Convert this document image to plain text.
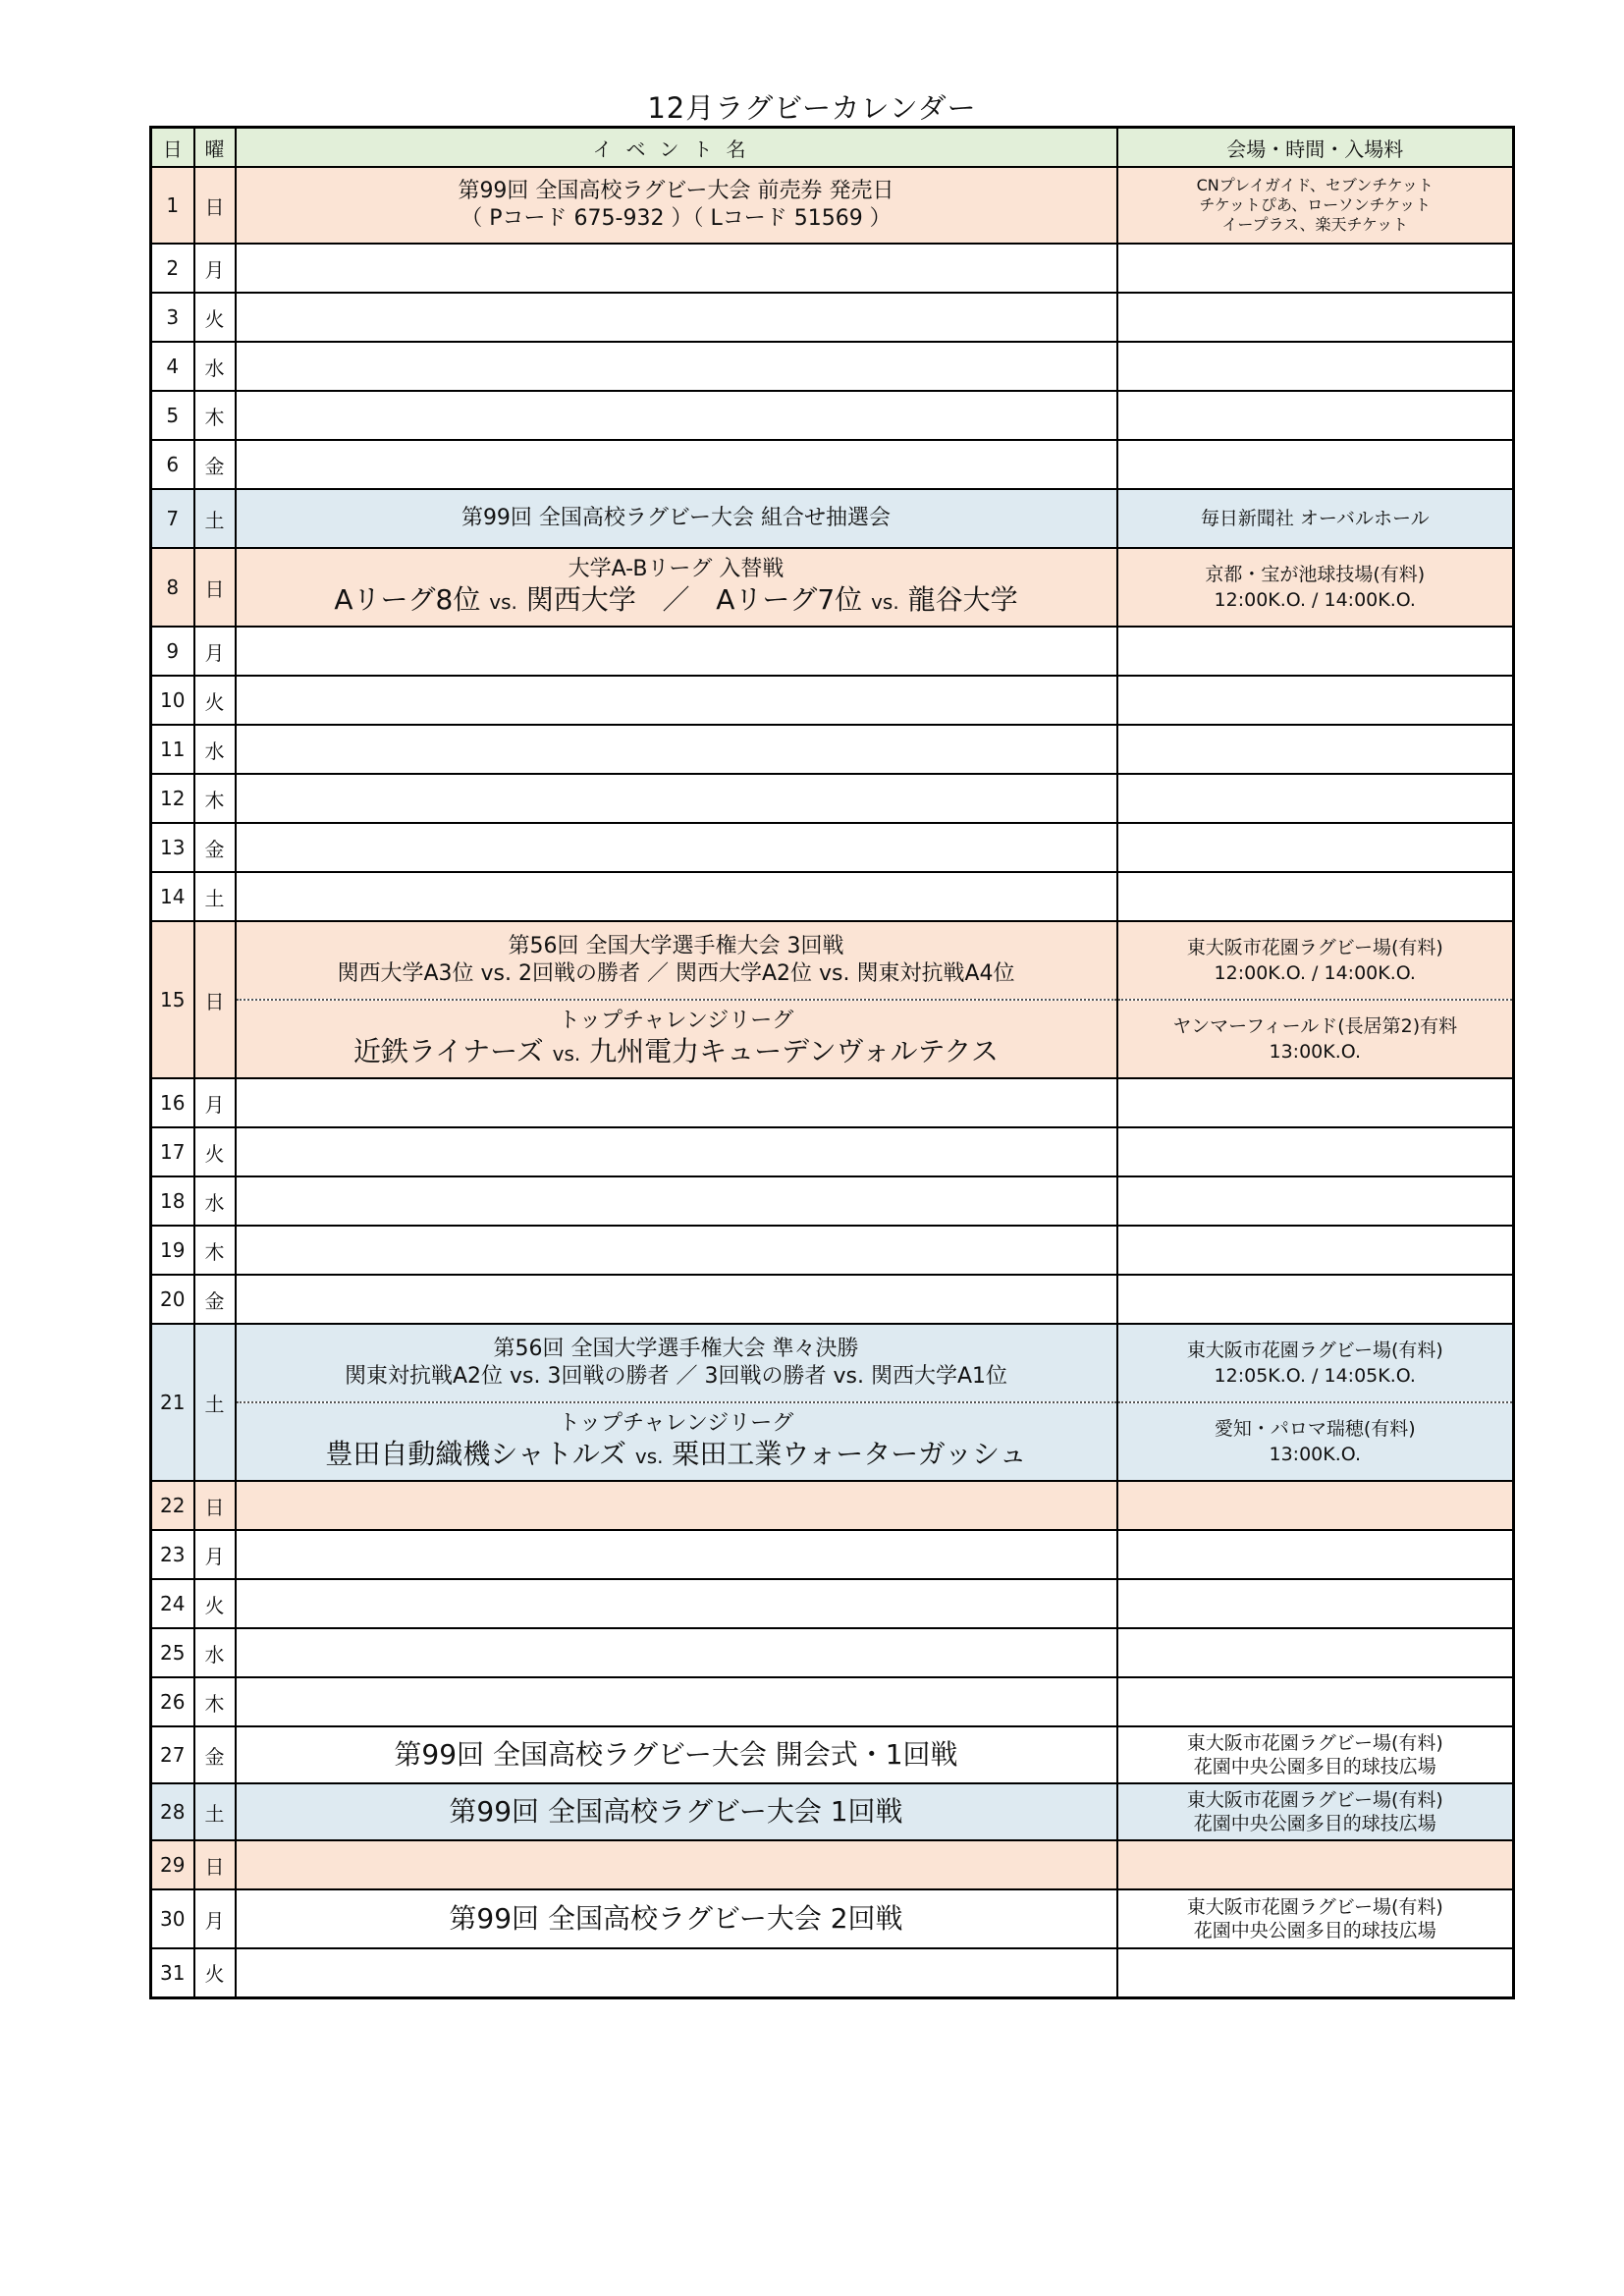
12月ラグビーカレンダー
日	曜	イベント名	会場・時間・入場料
1	日	第99回 全国高校ラグビー大会 前売券 発売日
（ Pコード 675-932 ）（ Lコード 51569 ）	CNプレイガイド、セブンチケット
チケットぴあ、ローソンチケット
イープラス、楽天チケット

2	月		
3	火		
4	水		
5	木		
6	金		
7	土	第99回 全国高校ラグビー大会 組合せ抽選会	毎日新聞社 オーバルホール
8	日	大学A-Bリーグ 入替戦
Aリーグ8位 vs. 関西大学 ／ Aリーグ7位 vs. 龍谷大学	京都・宝が池球技場(有料)
12:00K.O. / 14:00K.O.

9	月		
10	火		
11	水		
12	木		
13	金		
14	土		
15	日	第56回 全国大学選手権大会 3回戦
関西大学A3位 vs. 2回戦の勝者 ／ 関西大学A2位 vs. 関東対抗戦A4位	東大阪市花園ラグビー場(有料)
12:00K.O. / 14:00K.O.

		トップチャレンジリーグ
近鉄ライナーズ vs. 九州電力キューデンヴォルテクス	ヤンマーフィールド(長居第2)有料
13:00K.O.

16	月		
17	火		
18	水		
19	木		
20	金		
21	土	第56回 全国大学選手権大会 準々決勝
関東対抗戦A2位 vs. 3回戦の勝者 ／ 3回戦の勝者 vs. 関西大学A1位	東大阪市花園ラグビー場(有料)
12:05K.O. / 14:05K.O.

		トップチャレンジリーグ
豊田自動織機シャトルズ vs. 栗田工業ウォーターガッシュ	愛知・パロマ瑞穂(有料)
13:00K.O.

22	日		
23	月		
24	火		
25	水		
26	木		
27	金	第99回 全国高校ラグビー大会 開会式・1回戦	東大阪市花園ラグビー場(有料)
花園中央公園多目的球技広場

28	土	第99回 全国高校ラグビー大会 1回戦	東大阪市花園ラグビー場(有料)
花園中央公園多目的球技広場

29	日		
30	月	第99回 全国高校ラグビー大会 2回戦	東大阪市花園ラグビー場(有料)
花園中央公園多目的球技広場

31	火		
